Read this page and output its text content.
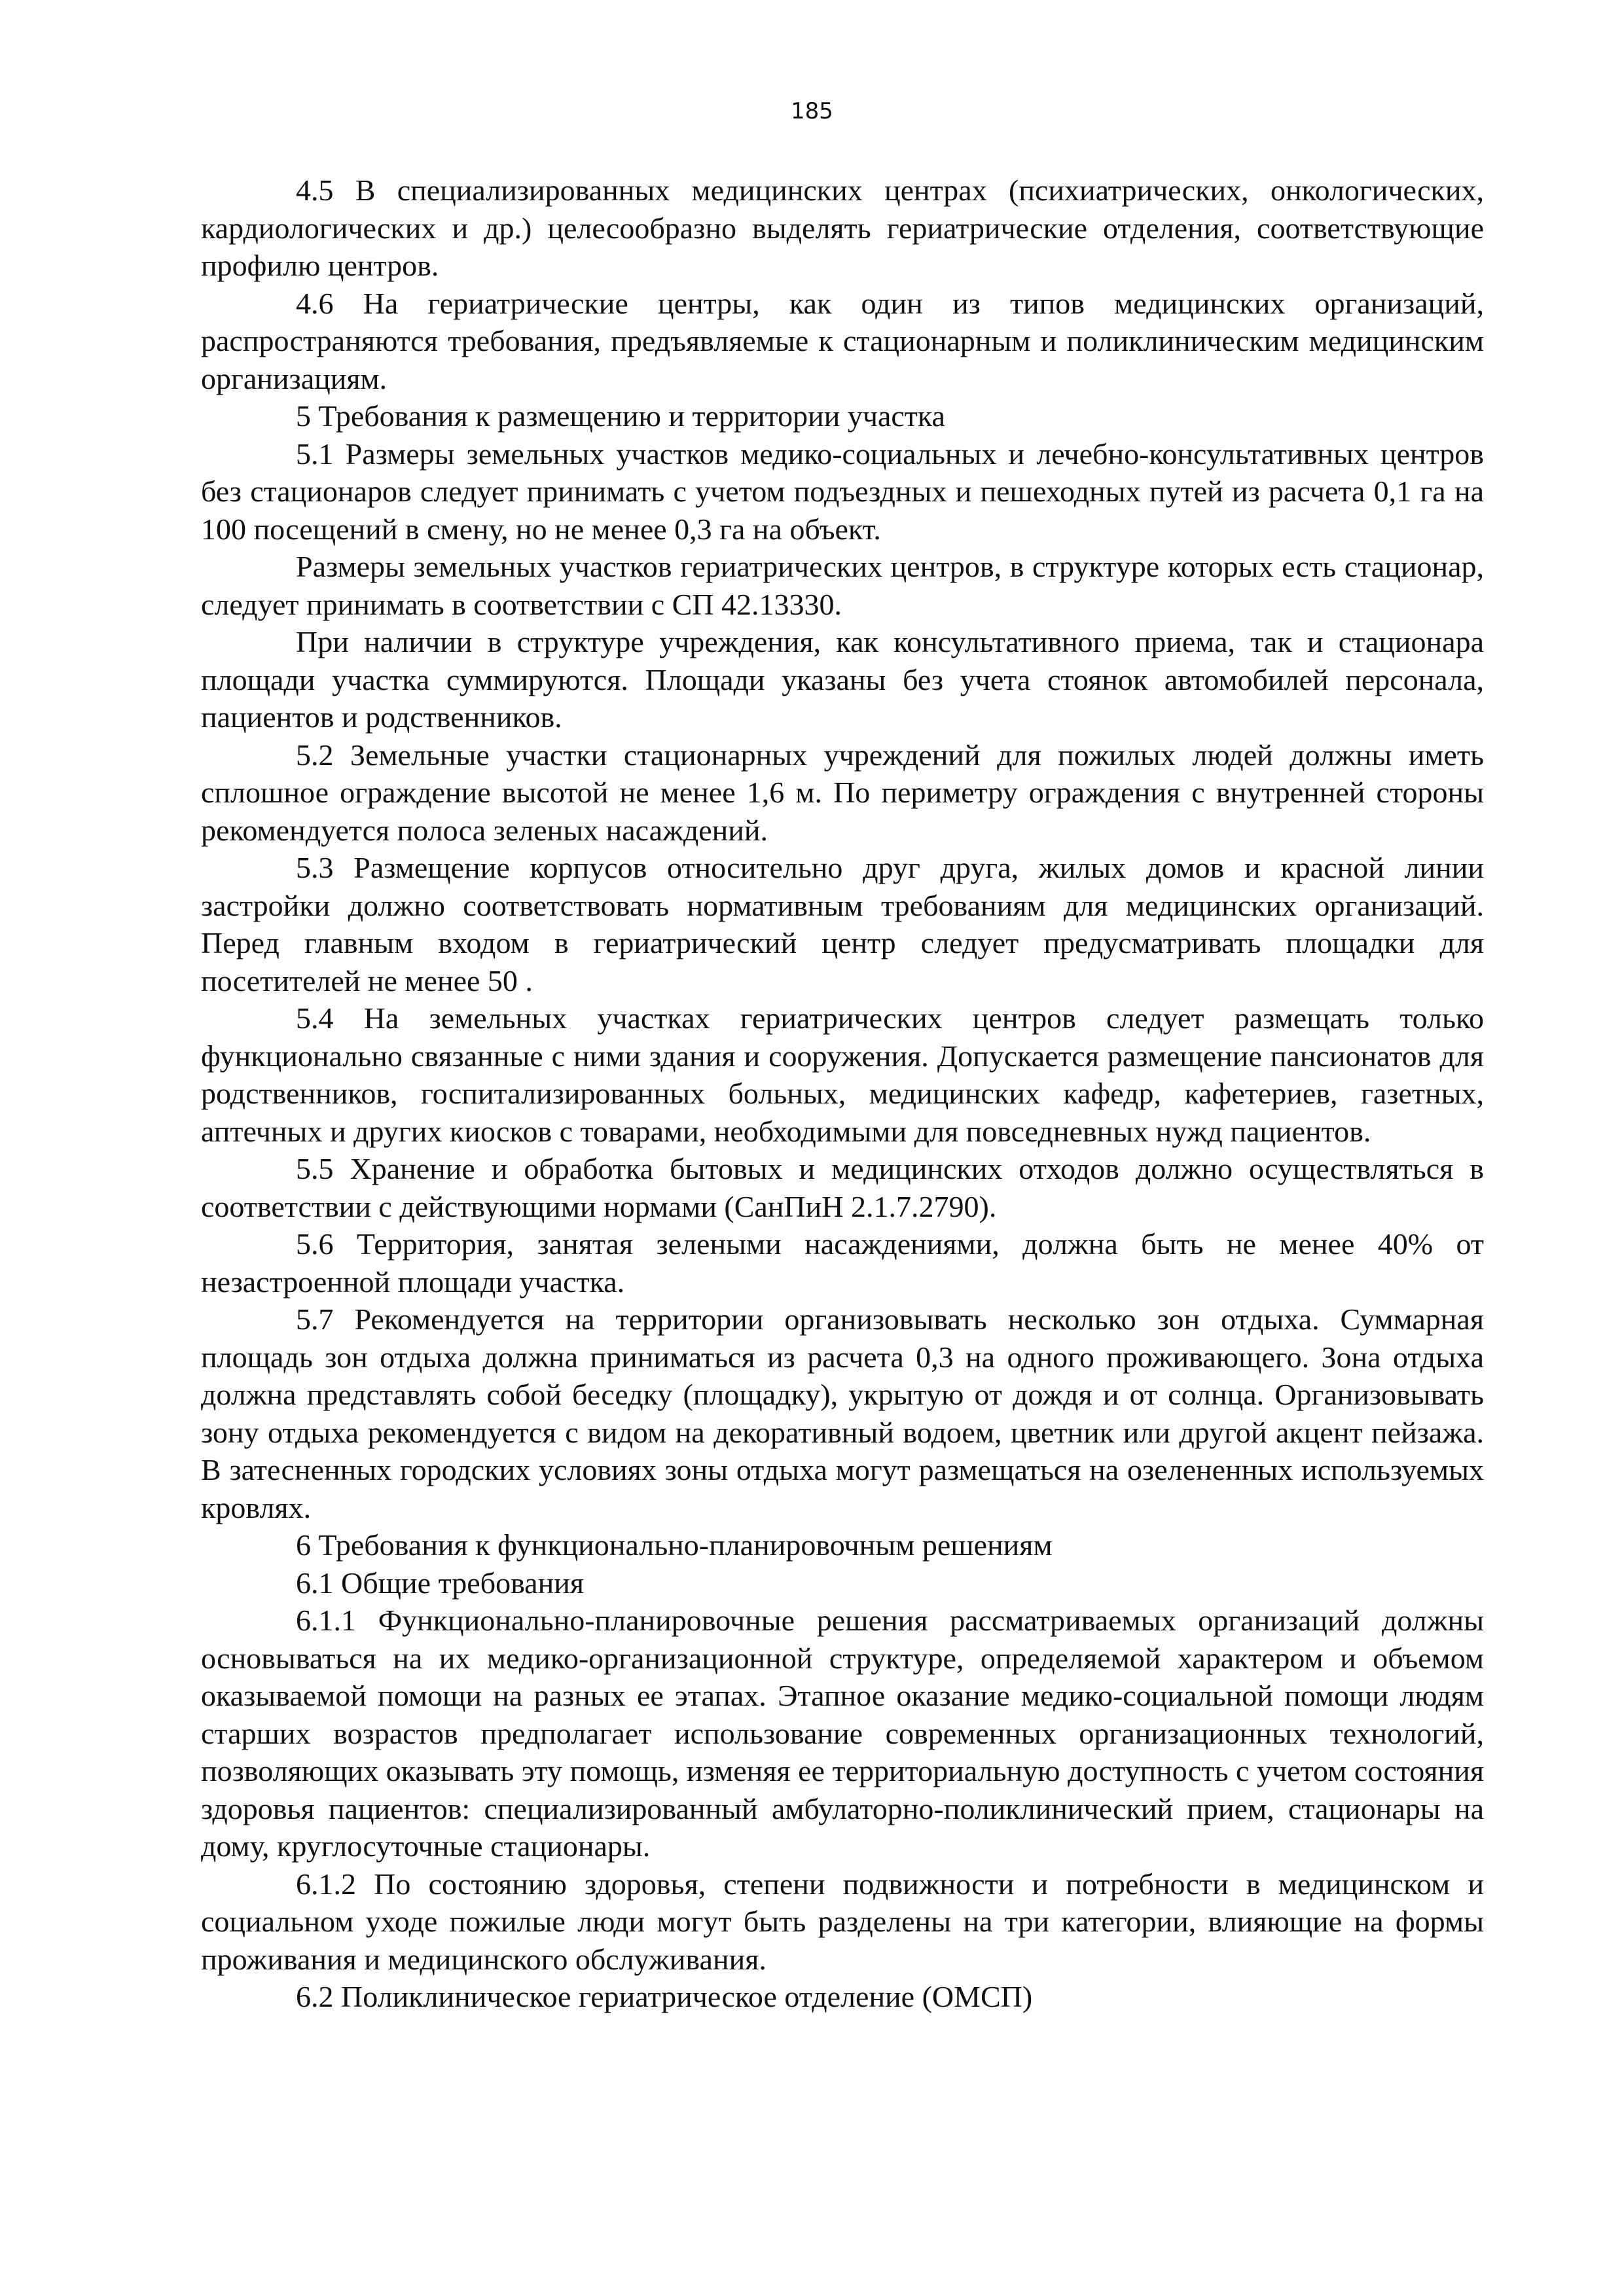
185

4.5 В специализированных медицинских центрах (психиатрических, онкологических, кардиологических и др.) целесообразно выделять гериатрические отделения, соответствующие профилю центров.

4.6 На гериатрические центры, как один из типов медицинских организаций, распространяются требования, предъявляемые к стационарным и поликлиническим медицинским организациям.

5 Требования к размещению и территории участка

5.1 Размеры земельных участков медико-социальных и лечебно-консультативных центров без стационаров следует принимать с учетом подъездных и пешеходных путей из расчета 0,1 га на 100 посещений в смену, но не менее 0,3 га на объект.

Размеры земельных участков гериатрических центров, в структуре которых есть стационар, следует принимать в соответствии с СП 42.13330.

При наличии в структуре учреждения, как консультативного приема, так и стационара площади участка суммируются. Площади указаны без учета стоянок автомобилей персонала, пациентов и родственников.

5.2 Земельные участки стационарных учреждений для пожилых людей должны иметь сплошное ограждение высотой не менее 1,6 м. По периметру ограждения с внутренней стороны рекомендуется полоса зеленых насаждений.

5.3 Размещение корпусов относительно друг друга, жилых домов и красной линии застройки должно соответствовать нормативным требованиям для медицинских организаций. Перед главным входом в гериатрический центр следует предусматривать площадки для посетителей не менее 50 .

5.4 На земельных участках гериатрических центров следует размещать только функционально связанные с ними здания и сооружения. Допускается размещение пансионатов для родственников, госпитализированных больных, медицинских кафедр, кафетериев, газетных, аптечных и других киосков с товарами, необходимыми для повседневных нужд пациентов.

5.5 Хранение и обработка бытовых и медицинских отходов должно осуществляться в соответствии с действующими нормами (СанПиН 2.1.7.2790).

5.6 Территория, занятая зелеными насаждениями, должна быть не менее 40% от незастроенной площади участка.

5.7 Рекомендуется на территории организовывать несколько зон отдыха. Суммарная площадь зон отдыха должна приниматься из расчета 0,3 на одного проживающего. Зона отдыха должна представлять собой беседку (площадку), укрытую от дождя и от солнца. Организовывать зону отдыха рекомендуется с видом на декоративный водоем, цветник или другой акцент пейзажа. В затесненных городских условиях зоны отдыха могут размещаться на озелененных используемых кровлях.

6 Требования к функционально-планировочным решениям

6.1 Общие требования

6.1.1 Функционально-планировочные решения рассматриваемых организаций должны основываться на их медико-организационной структуре, определяемой характером и объемом оказываемой помощи на разных ее этапах. Этапное оказание медико-социальной помощи людям старших возрастов предполагает использование современных организационных технологий, позволяющих оказывать эту помощь, изменяя ее территориальную доступность с учетом состояния здоровья пациентов: специализированный амбулаторно-поликлинический прием, стационары на дому, круглосуточные стационары.

6.1.2 По состоянию здоровья, степени подвижности и потребности в медицинском и социальном уходе пожилые люди могут быть разделены на три категории, влияющие на формы проживания и медицинского обслуживания.

6.2 Поликлиническое гериатрическое отделение (ОМСП)
